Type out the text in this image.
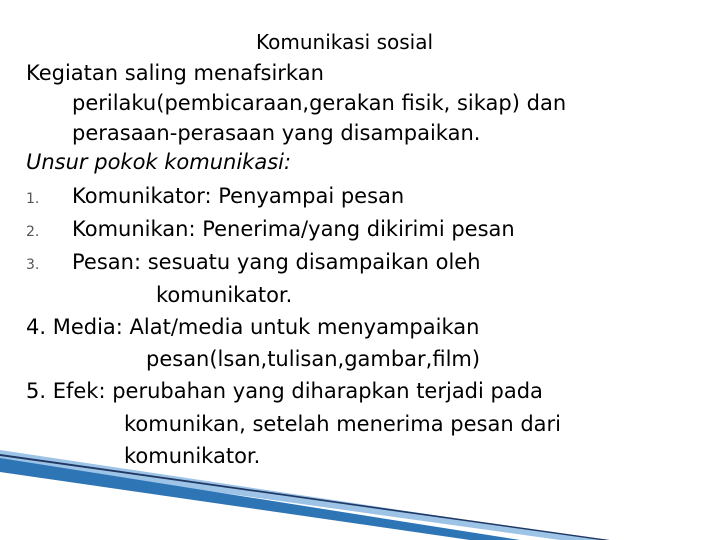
Komunikasi sosial
Kegiatan saling menafsirkan
perilaku(pembicaraan,gerakan fisik, sikap) dan
perasaan-perasaan yang disampaikan.
Unsur pokok komunikasi:
1. Komunikator: Penyampai pesan
2. Komunikan: Penerima/yang dikirimi pesan
3. Pesan: sesuatu yang disampaikan oleh
komunikator.
4. Media: Alat/media untuk menyampaikan
pesan(lsan,tulisan,gambar,film)
5. Efek: perubahan yang diharapkan terjadi pada
komunikan, setelah menerima pesan dari
komunikator.
